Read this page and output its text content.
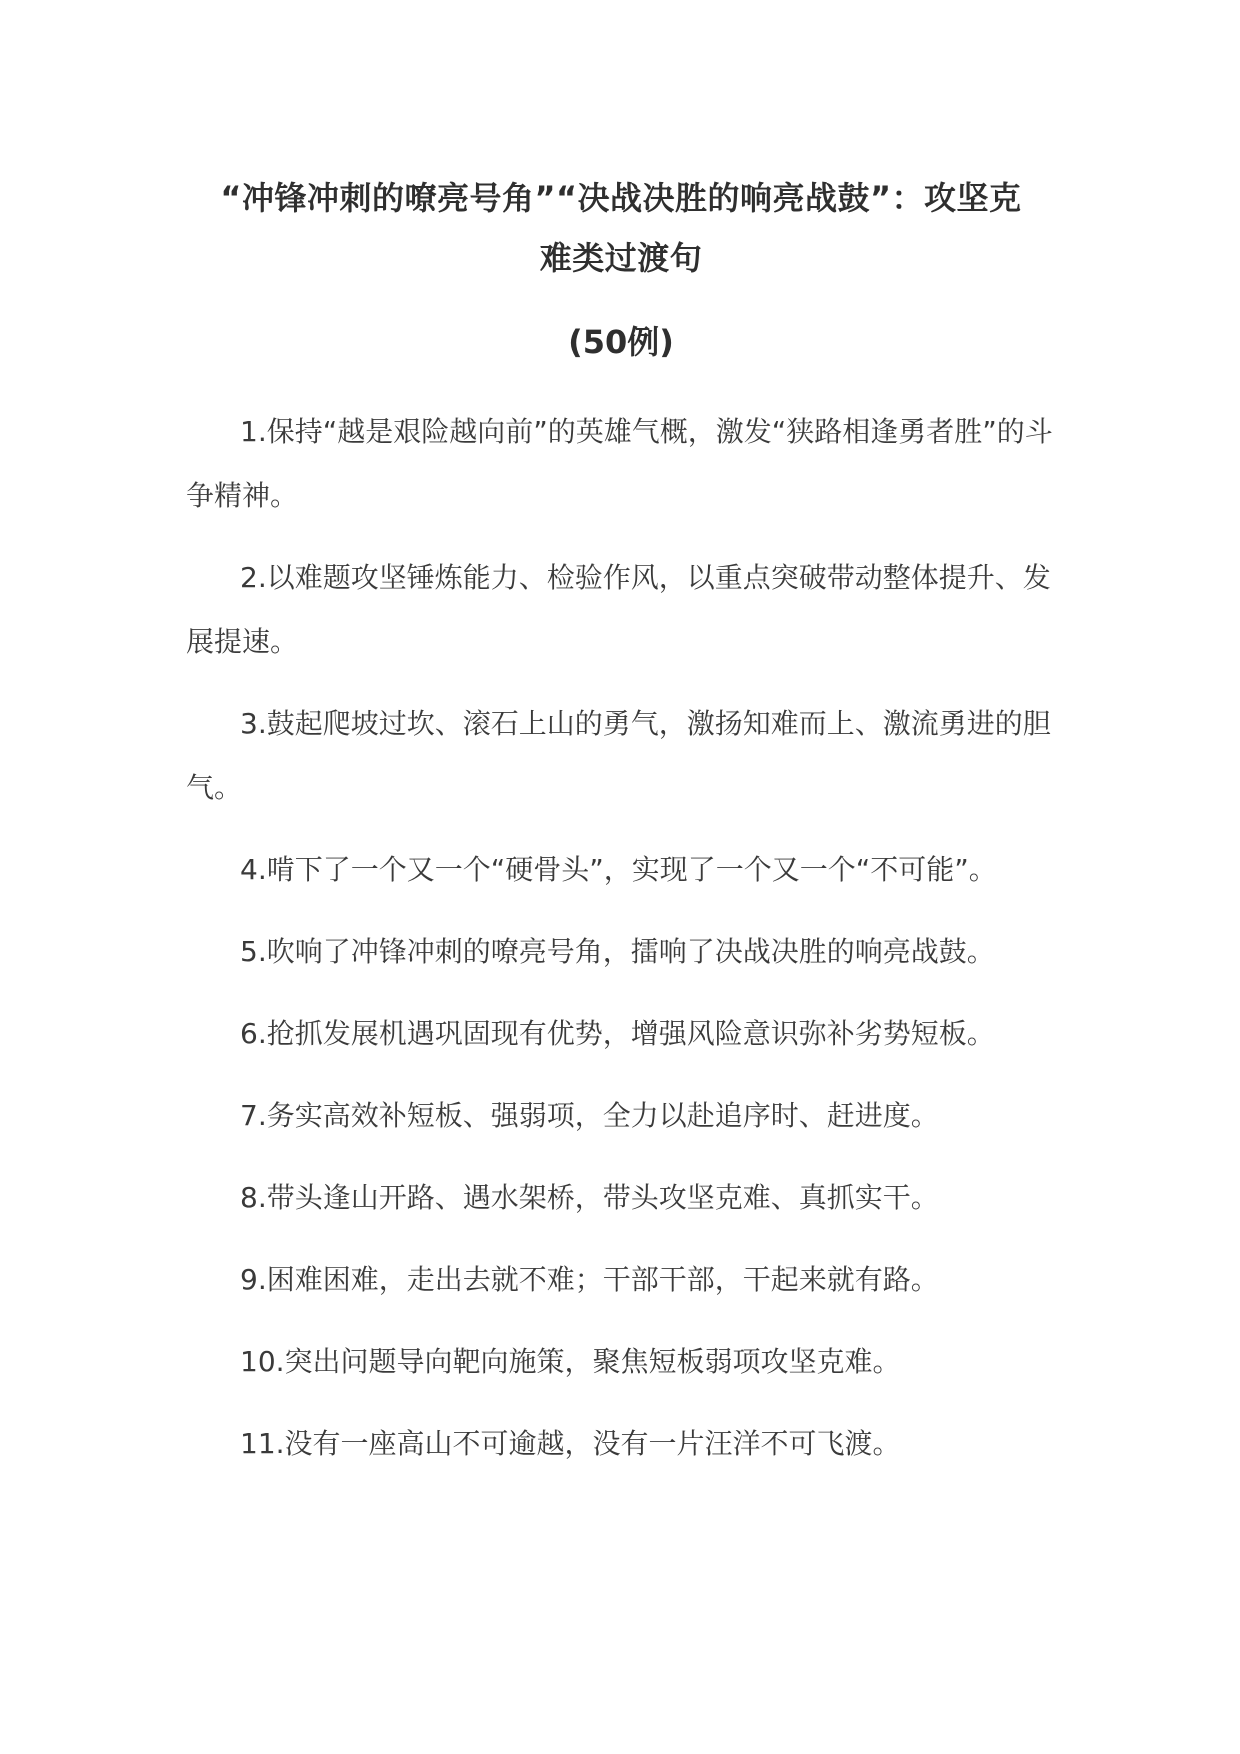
“冲锋冲刺的嘹亮号角”“决战决胜的响亮战鼓”：攻坚克
难类过渡句
(50例)

1.保持“越是艰险越向前”的英雄气概，激发“狭路相逢勇者胜”的斗争精神。

2.以难题攻坚锤炼能力、检验作风，以重点突破带动整体提升、发展提速。

3.鼓起爬坡过坎、滚石上山的勇气，激扬知难而上、激流勇进的胆气。

4.啃下了一个又一个“硬骨头”，实现了一个又一个“不可能”。

5.吹响了冲锋冲刺的嘹亮号角，擂响了决战决胜的响亮战鼓。

6.抢抓发展机遇巩固现有优势，增强风险意识弥补劣势短板。

7.务实高效补短板、强弱项，全力以赴追序时、赶进度。

8.带头逢山开路、遇水架桥，带头攻坚克难、真抓实干。

9.困难困难，走出去就不难；干部干部，干起来就有路。

10.突出问题导向靶向施策，聚焦短板弱项攻坚克难。

11.没有一座高山不可逾越，没有一片汪洋不可飞渡。
